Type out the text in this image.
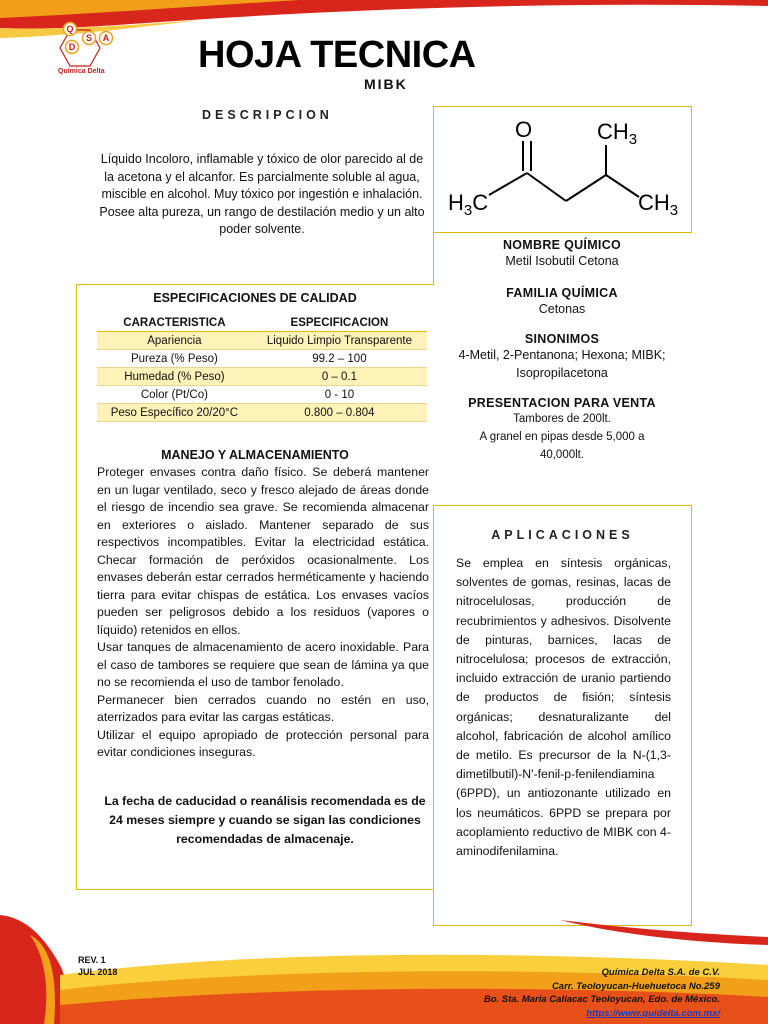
Q
S A
D
Química Delta HOJA TECNICA
MIBK
DESCRIPCION
Líquido Incoloro, inflamable y tóxico de olor parecido al de la acetona y el alcanfor. Es parcialmente soluble al agua, miscible en alcohol. Muy tóxico por ingestión e inhalación. Posee alta pureza, un rango de destilación medio y un alto poder solvente.
O	$CH_3$
$H_3C$	$CH_3$
NOMBRE QUÍMICO
Metil Isobutil Cetona
FAMILIA QUÍMICA
Cetonas
SINONIMOS
4-Metil, 2-Pentanona; Hexona; MIBK; Isopropilacetona
PRESENTACION PARA VENTA
Tambores de 200lt.
A granel en pipas desde 5,000 a 40,000lt.
ESPECIFICACIONES DE CALIDAD
CARACTERISTICA	ESPECIFICACION
Apariencia	Liquido Limpio Transparente
Pureza (% Peso)	99.2 – 100
Humedad (% Peso)	0 – 0.1
Color (Pt/Co)	0 - 10
Peso Específico 20/20°C	0.800 – 0.804
MANEJO Y ALMACENAMIENTO
Proteger envases contra daño físico. Se deberá mantener en un lugar ventilado, seco y fresco alejado de áreas donde el riesgo de incendio sea grave. Se recomienda almacenar en exteriores o aislado. Mantener separado de sus respectivos incompatibles. Evitar la electricidad estática. Checar formación de peróxidos ocasionalmente. Los envases deberán estar cerrados herméticamente y haciendo tierra para evitar chispas de estática. Los envases vacíos pueden ser peligrosos debido a los residuos (vapores o líquido) retenidos en ellos.
Usar tanques de almacenamiento de acero inoxidable. Para el caso de tambores se requiere que sean de lámina ya que no se recomienda el uso de tambor fenolado.
Permanecer bien cerrados cuando no estén en uso, aterrizados para evitar las cargas estáticas.
Utilizar el equipo apropiado de protección personal para evitar condiciones inseguras.
La fecha de caducidad o reanálisis recomendada es de 24 meses siempre y cuando se sigan las condiciones recomendadas de almacenaje.
APLICACIONES
Se emplea en síntesis orgánicas, solventes de gomas, resinas, lacas de nitrocelulosas, producción de recubrimientos y adhesivos. Disolvente de pinturas, barnices, lacas de nitrocelulosa; procesos de extracción, incluido extracción de uranio partiendo de productos de fisión; síntesis orgánicas; desnaturalizante del alcohol, fabricación de alcohol amílico de metilo. Es precursor de la N-(1,3-dimetilbutil)-N'-fenil-p-fenilendiamina (6PPD), un antiozonante utilizado en los neumáticos. 6PPD se prepara por acoplamiento reductivo de MIBK con 4-aminodifenilamina.
REV. 1
JUL 2018	Química Delta S.A. de C.V.
Carr. Teoloyucan-Huehuetoca No.259
Bo. Sta. Maria Caliacac Teoloyucan, Edo. de México.
https://www.quidelta.com.mx/
